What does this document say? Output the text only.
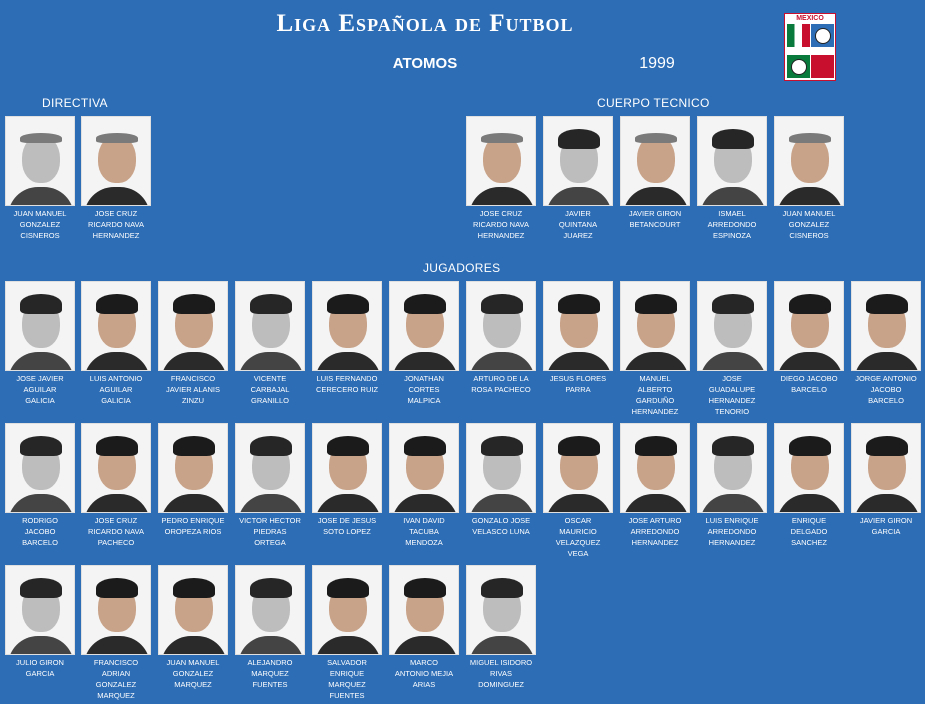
Liga Española de Futbol
ATOMOS	1999
MEXICO
DIRECTIVA	CUERPO TECNICO
JUGADORES
JUAN MANUEL
GONZALEZ
CISNEROS
JOSE CRUZ
RICARDO NAVA
HERNANDEZ
JOSE CRUZ
RICARDO NAVA
HERNANDEZ
JAVIER
QUINTANA
JUAREZ
JAVIER GIRON
BETANCOURT
ISMAEL
ARREDONDO
ESPINOZA
JUAN MANUEL
GONZALEZ
CISNEROS
JOSE JAVIER
AGUILAR
GALICIA
LUIS ANTONIO
AGUILAR
GALICIA
FRANCISCO
JAVIER ALANIS
ZINZU
VICENTE
CARBAJAL
GRANILLO
LUIS FERNANDO
CERECERO RUIZ
JONATHAN
CORTES
MALPICA
ARTURO DE LA
ROSA PACHECO
JESUS FLORES
PARRA
MANUEL
ALBERTO
GARDUÑO
HERNANDEZ
JOSE
GUADALUPE
HERNANDEZ
TENORIO
DIEGO JACOBO
BARCELO
JORGE ANTONIO
JACOBO
BARCELO
RODRIGO
JACOBO
BARCELO
JOSE CRUZ
RICARDO NAVA
PACHECO
PEDRO ENRIQUE
OROPEZA RIOS
VICTOR HECTOR
PIEDRAS
ORTEGA
JOSE DE JESUS
SOTO LOPEZ
IVAN DAVID
TACUBA
MENDOZA
GONZALO JOSE
VELASCO LUNA
OSCAR
MAURICIO
VELAZQUEZ
VEGA
JOSE ARTURO
ARREDONDO
HERNANDEZ
LUIS ENRIQUE
ARREDONDO
HERNANDEZ
ENRIQUE
DELGADO
SANCHEZ
JAVIER GIRON
GARCIA
JULIO GIRON
GARCIA
FRANCISCO
ADRIAN
GONZALEZ
MARQUEZ
JUAN MANUEL
GONZALEZ
MARQUEZ
ALEJANDRO
MARQUEZ
FUENTES
SALVADOR
ENRIQUE
MARQUEZ
FUENTES
MARCO
ANTONIO MEJIA
ARIAS
MIGUEL ISIDORO
RIVAS
DOMINGUEZ
